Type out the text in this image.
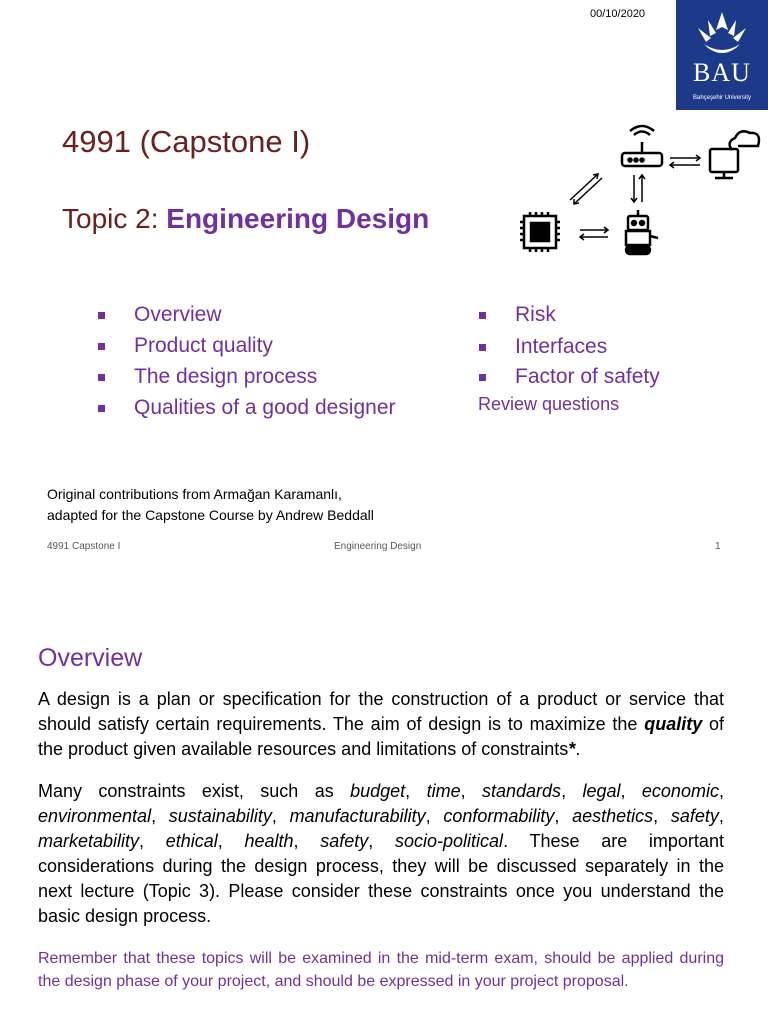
00/10/2020
BAU
Bahçeşehir University
4991 (Capstone I)
Topic 2: Engineering Design
Overview
Product quality
The design process
Qualities of a good designer
Risk
Interfaces
Factor of safety
Review questions
Original contributions from Armağan Karamanlı,
adapted for the Capstone Course by Andrew Beddall
4991 Capstone I	Engineering Design	1
Overview
A design is a plan or specification for the construction of a product or service that should satisfy certain requirements. The aim of design is to maximize the quality of the product given available resources and limitations of constraints*.
Many constraints exist, such as budget, time, standards, legal, economic, environmental, sustainability, manufacturability, conformability, aesthetics, safety, marketability, ethical, health, safety, socio-political. These are important considerations during the design process, they will be discussed separately in the next lecture (Topic 3). Please consider these constraints once you understand the basic design process.
Remember that these topics will be examined in the mid-term exam, should be applied during the design phase of your project, and should be expressed in your project proposal.
